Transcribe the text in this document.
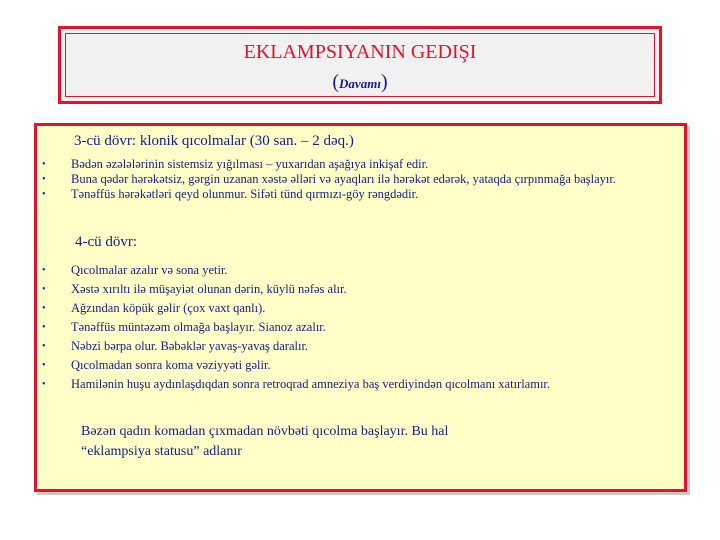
EKLAMPSIYANIN GEDIŞI
(Davamı)
3-cü dövr: klonik qıcolmalar (30 san. – 2 dəq.)
• Bədən əzələlərinin sistemsiz yığılması – yuxarıdan aşağıya inkişaf edir.
• Buna qədər hərəkətsiz, gərgin uzanan xəstə əlləri və ayaqları ilə hərəkət edərək, yataqda çırpınmağa başlayır.
• Tənəffüs hərəkətləri qeyd olunmur. Sifəti tünd qırmızı-göy rəngdədir.
4-cü dövr:
• Qıcolmalar azalır və sona yetir.
• Xəstə xırıltı ilə müşayiət olunan dərin, küylü nəfəs alır.
• Ağzından köpük gəlir (çox vaxt qanlı).
• Tənəffüs müntəzəm olmağa başlayır. Sianoz azalır.
• Nəbzi bərpa olur. Bəbəklər yavaş-yavaş daralır.
• Qıcolmadan sonra koma vəziyyəti gəlir.
• Hamilənin huşu aydınlaşdıqdan sonra retroqrad amneziya baş verdiyindən qıcolmanı xatırlamır.
Bəzən qadın komadan çıxmadan növbəti qıcolma başlayır. Bu hal
“eklampsiya statusu” adlanır
